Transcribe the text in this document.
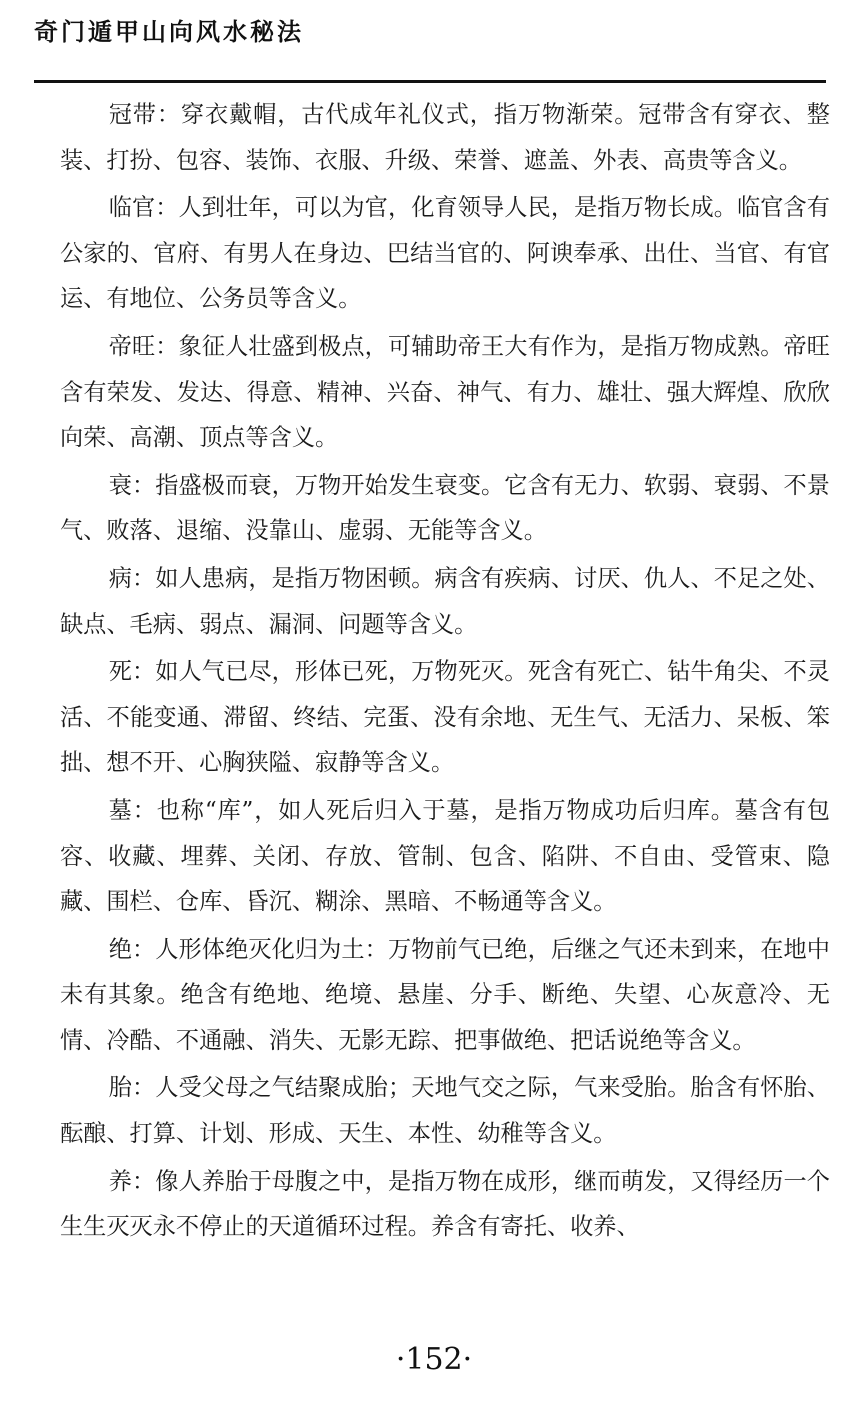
奇门遁甲山向风水秘法

冠带：穿衣戴帽，古代成年礼仪式，指万物渐荣。冠带含有穿衣、整装、打扮、包容、装饰、衣服、升级、荣誉、遮盖、外表、高贵等含义。

临官：人到壮年，可以为官，化育领导人民，是指万物长成。临官含有公家的、官府、有男人在身边、巴结当官的、阿谀奉承、出仕、当官、有官运、有地位、公务员等含义。

帝旺：象征人壮盛到极点，可辅助帝王大有作为，是指万物成熟。帝旺含有荣发、发达、得意、精神、兴奋、神气、有力、雄壮、强大辉煌、欣欣向荣、高潮、顶点等含义。

衰：指盛极而衰，万物开始发生衰变。它含有无力、软弱、衰弱、不景气、败落、退缩、没靠山、虚弱、无能等含义。

病：如人患病，是指万物困顿。病含有疾病、讨厌、仇人、不足之处、缺点、毛病、弱点、漏洞、问题等含义。

死：如人气已尽，形体已死，万物死灭。死含有死亡、钻牛角尖、不灵活、不能变通、滞留、终结、完蛋、没有余地、无生气、无活力、呆板、笨拙、想不开、心胸狭隘、寂静等含义。

墓：也称“库”，如人死后归入于墓，是指万物成功后归库。墓含有包容、收藏、埋葬、关闭、存放、管制、包含、陷阱、不自由、受管束、隐藏、围栏、仓库、昏沉、糊涂、黑暗、不畅通等含义。

绝：人形体绝灭化归为土：万物前气已绝，后继之气还未到来，在地中未有其象。绝含有绝地、绝境、悬崖、分手、断绝、失望、心灰意冷、无情、冷酷、不通融、消失、无影无踪、把事做绝、把话说绝等含义。

胎：人受父母之气结聚成胎；天地气交之际，气来受胎。胎含有怀胎、酝酿、打算、计划、形成、天生、本性、幼稚等含义。

养：像人养胎于母腹之中，是指万物在成形，继而萌发，又得经历一个生生灭灭永不停止的天道循环过程。养含有寄托、收养、

·152·
